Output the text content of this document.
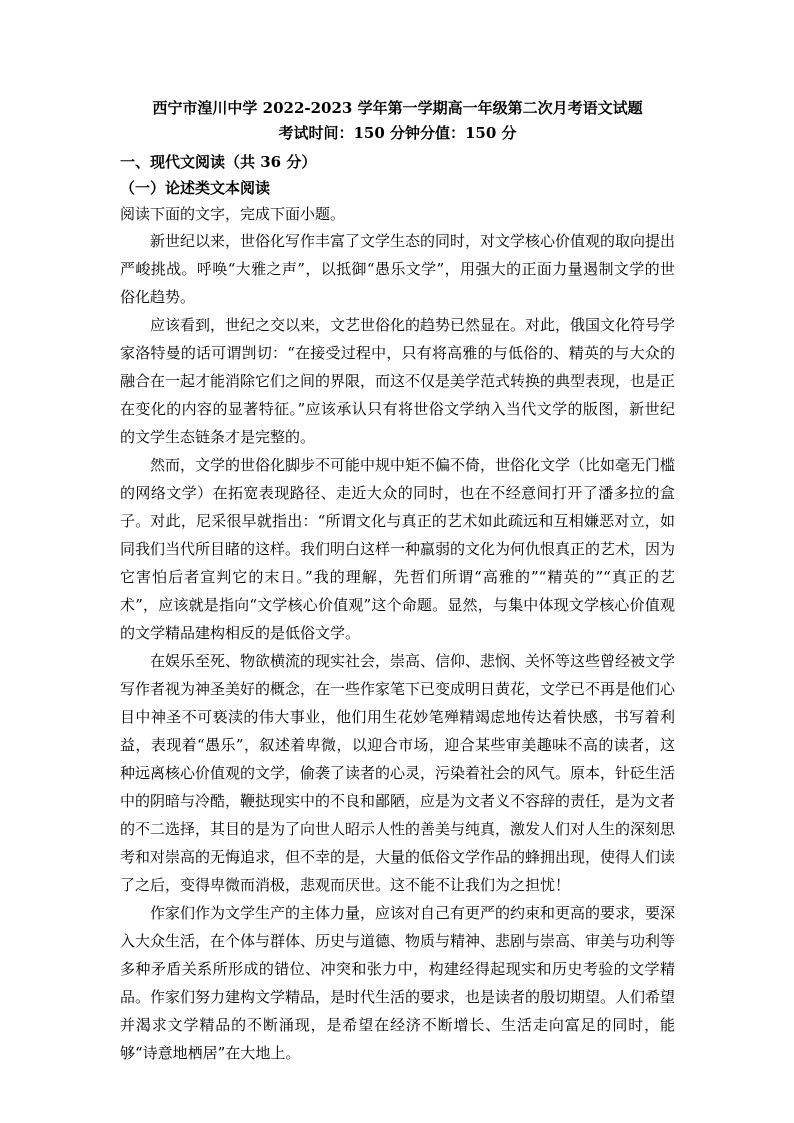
西宁市湟川中学 2022-2023 学年第一学期高一年级第二次月考语文试题

考试时间：150 分钟分值：150 分

一、现代文阅读（共 36 分）

（一）论述类文本阅读

阅读下面的文字，完成下面小题。

新世纪以来，世俗化写作丰富了文学生态的同时，对文学核心价值观的取向提出严峻挑战。呼唤“大雅之声”，以抵御“愚乐文学”，用强大的正面力量遏制文学的世俗化趋势。

应该看到，世纪之交以来，文艺世俗化的趋势已然显在。对此，俄国文化符号学家洛特曼的话可谓剀切：“在接受过程中，只有将高雅的与低俗的、精英的与大众的融合在一起才能消除它们之间的界限，而这不仅是美学范式转换的典型表现，也是正在变化的内容的显著特征。”应该承认只有将世俗文学纳入当代文学的版图，新世纪的文学生态链条才是完整的。

然而，文学的世俗化脚步不可能中规中矩不偏不倚，世俗化文学（比如毫无门槛的网络文学）在拓宽表现路径、走近大众的同时，也在不经意间打开了潘多拉的盒子。对此，尼采很早就指出：“所谓文化与真正的艺术如此疏远和互相嫌恶对立，如同我们当代所目睹的这样。我们明白这样一种羸弱的文化为何仇恨真正的艺术，因为它害怕后者宣判它的末日。”我的理解，先哲们所谓“高雅的”“精英的”“真正的艺术”，应该就是指向“文学核心价值观”这个命题。显然，与集中体现文学核心价值观的文学精品建构相反的是低俗文学。

在娱乐至死、物欲横流的现实社会，崇高、信仰、悲悯、关怀等这些曾经被文学写作者视为神圣美好的概念，在一些作家笔下已变成明日黄花，文学已不再是他们心目中神圣不可亵渎的伟大事业，他们用生花妙笔殚精竭虑地传达着快感，书写着利益，表现着“愚乐”，叙述着卑微，以迎合市场，迎合某些审美趣味不高的读者，这种远离核心价值观的文学，偷袭了读者的心灵，污染着社会的风气。原本，针砭生活中的阴暗与冷酷，鞭挞现实中的不良和鄙陋，应是为文者义不容辞的责任，是为文者的不二选择，其目的是为了向世人昭示人性的善美与纯真，激发人们对人生的深刻思考和对崇高的无悔追求，但不幸的是，大量的低俗文学作品的蜂拥出现，使得人们读了之后，变得卑微而消极，悲观而厌世。这不能不让我们为之担忧！

作家们作为文学生产的主体力量，应该对自己有更严的约束和更高的要求，要深入大众生活，在个体与群体、历史与道德、物质与精神、悲剧与崇高、审美与功利等多种矛盾关系所形成的错位、冲突和张力中，构建经得起现实和历史考验的文学精品。作家们努力建构文学精品，是时代生活的要求，也是读者的殷切期望。人们希望并渴求文学精品的不断涌现，是希望在经济不断增长、生活走向富足的同时，能够“诗意地栖居”在大地上。
